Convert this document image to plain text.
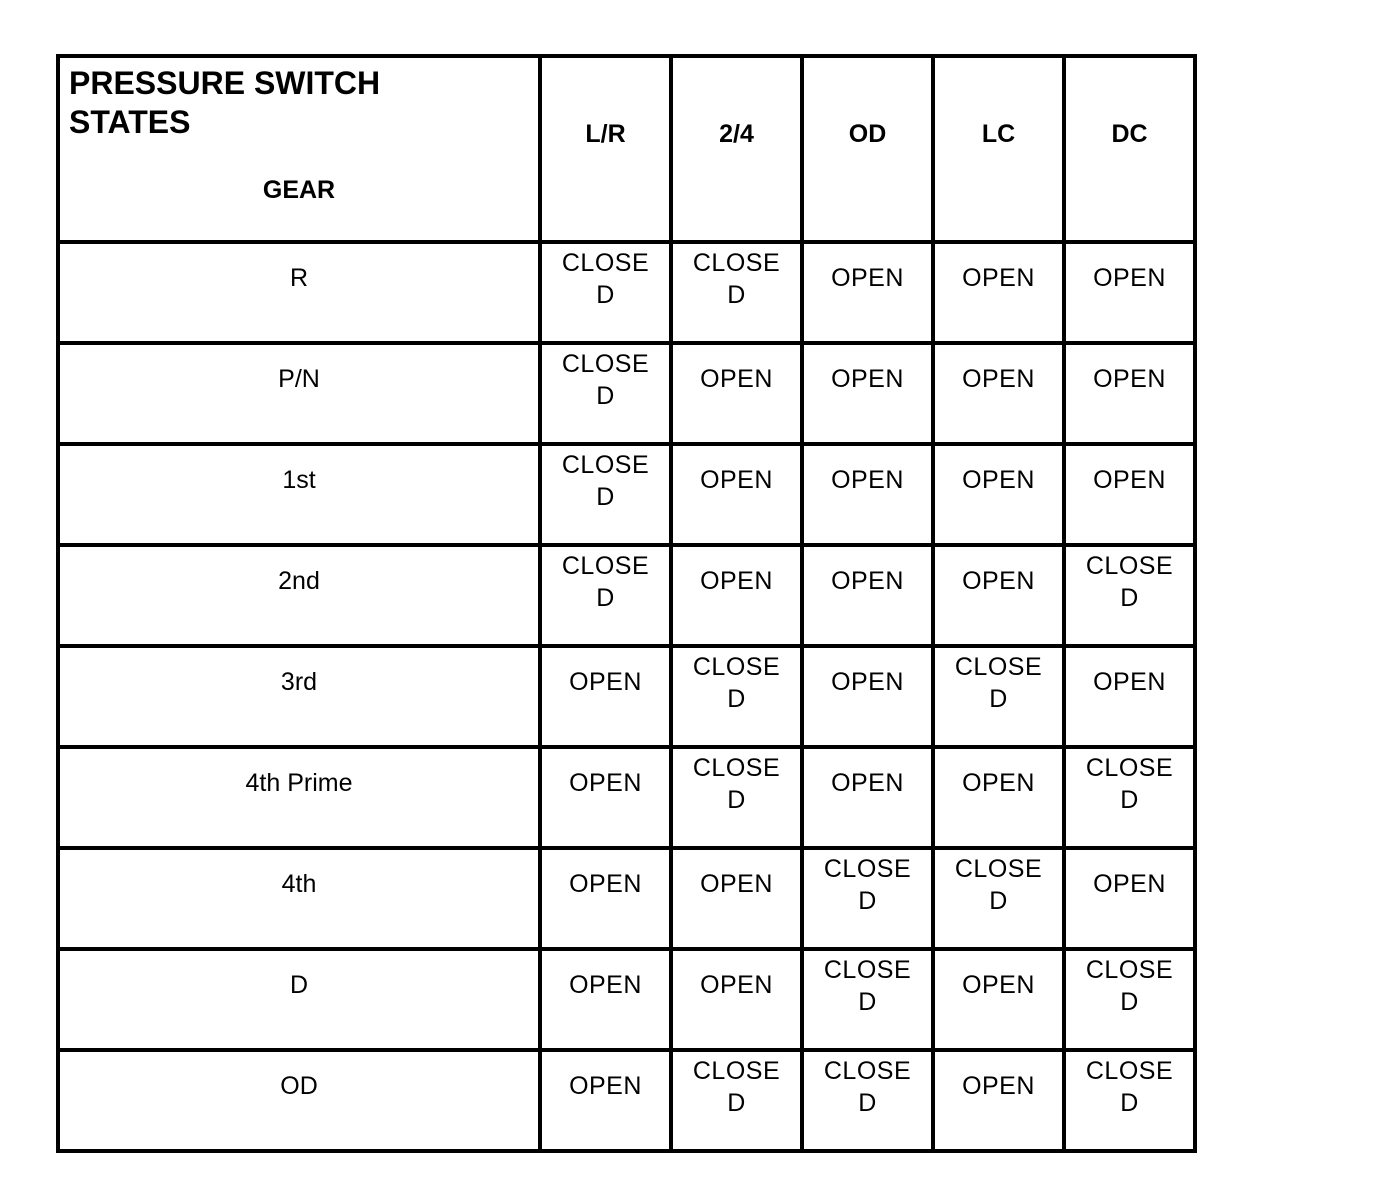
PRESSURE SWITCH
STATES
GEAR	L/R	2/4	OD	LC	DC

R	CLOSED	CLOSED	OPEN	OPEN	OPEN

P/N	CLOSED	OPEN	OPEN	OPEN	OPEN

1st	CLOSED	OPEN	OPEN	OPEN	OPEN

2nd	CLOSED	OPEN	OPEN	OPEN	CLOSED

3rd	OPEN	CLOSED	OPEN	CLOSED	OPEN

4th Prime	OPEN	CLOSED	OPEN	OPEN	CLOSED

4th	OPEN	OPEN	CLOSED	CLOSED	OPEN

D	OPEN	OPEN	CLOSED	OPEN	CLOSED

OD	OPEN	CLOSED	CLOSED	OPEN	CLOSED
